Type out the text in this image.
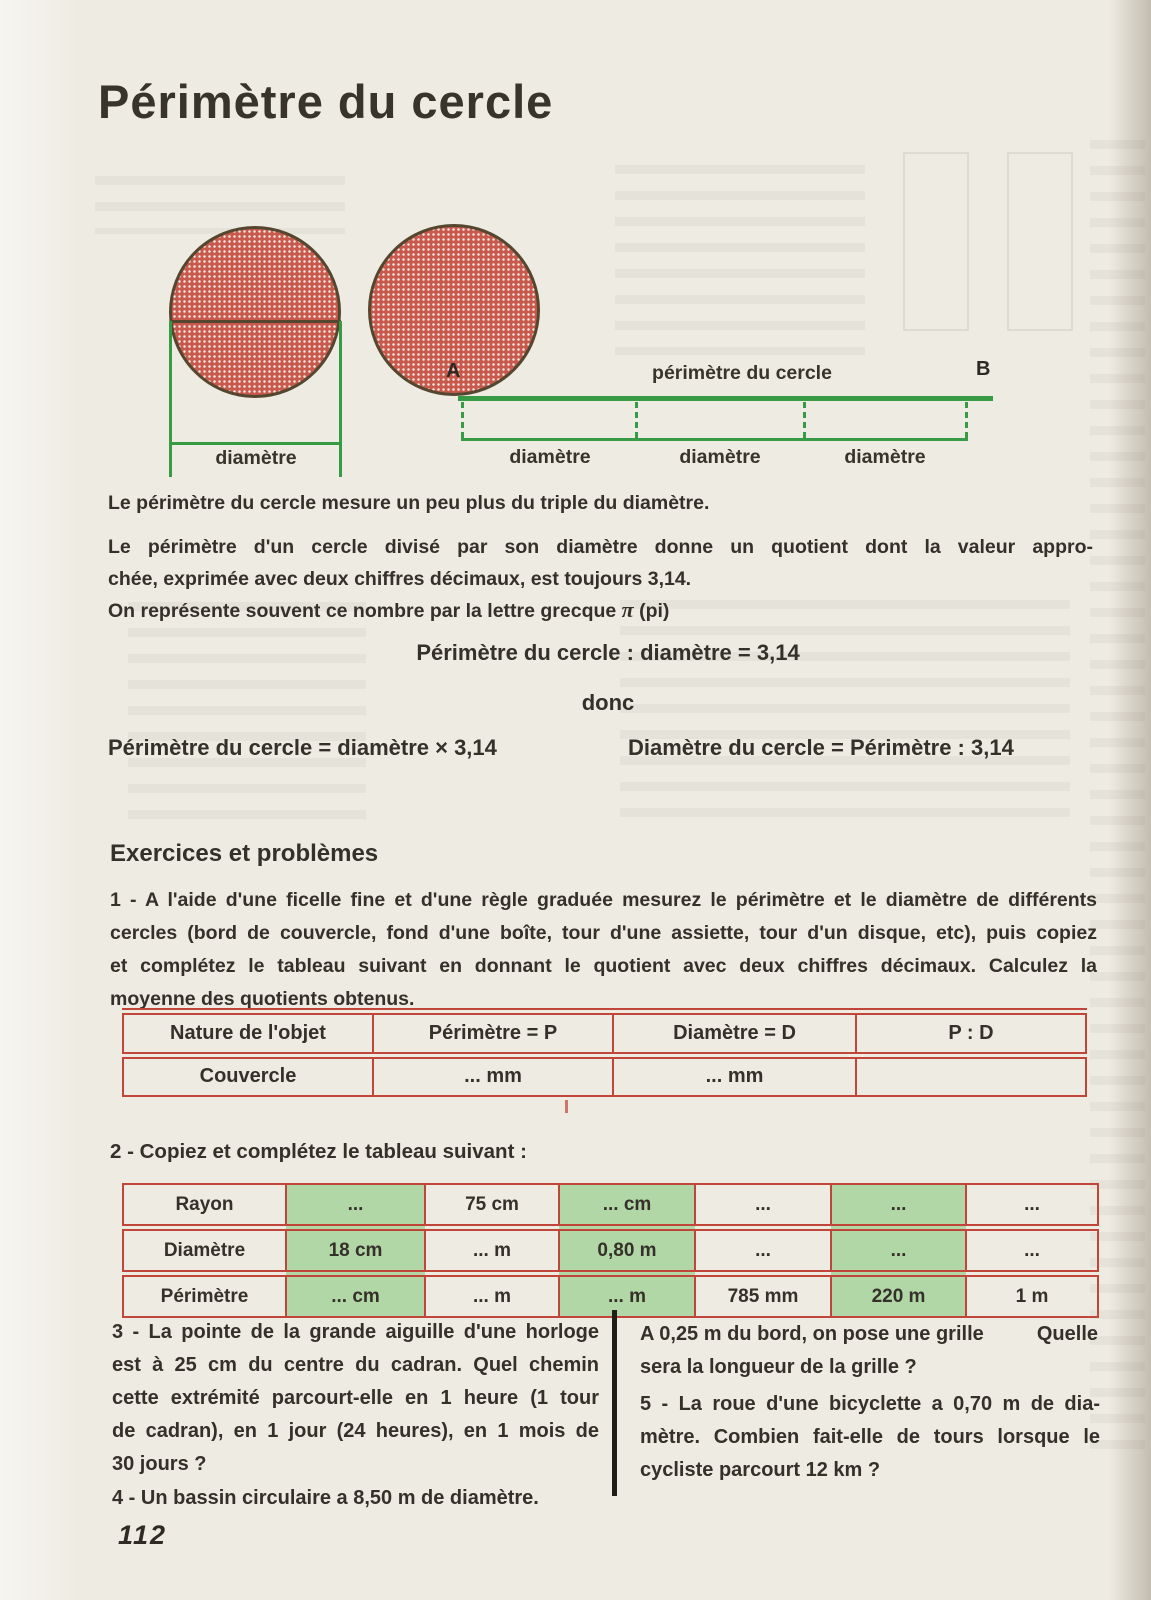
Périmètre du cercle
diamètre
A	B
périmètre du cercle
diamètre	diamètre	diamètre
Le périmètre du cercle mesure un peu plus du triple du diamètre.
Le périmètre d'un cercle divisé par son diamètre donne un quotient dont la valeur appro-
chée, exprimée avec deux chiffres décimaux, est toujours 3,14.
On représente souvent ce nombre par la lettre grecque π (pi)
Périmètre du cercle : diamètre = 3,14
donc
Périmètre du cercle = diamètre × 3,14	Diamètre du cercle = Périmètre : 3,14
Exercices et problèmes
1 - A l'aide d'une ficelle fine et d'une règle graduée mesurez le périmètre et le diamètre de différents
cercles (bord de couvercle, fond d'une boîte, tour d'une assiette, tour d'un disque, etc), puis copiez
et complétez le tableau suivant en donnant le quotient avec deux chiffres décimaux. Calculez la
moyenne des quotients obtenus.
Nature de l'objet	Périmètre = P	Diamètre = D	P : D
Couvercle	... mm	... mm	
2 - Copiez et complétez le tableau suivant :
Rayon	...	75 cm	... cm	...	...	...
Diamètre	18 cm	... m	0,80 m	...	...	...
Périmètre	... cm	... m	... m	785 mm	220 m	1 m
3 - La pointe de la grande aiguille d'une horloge
est à 25 cm du centre du cadran. Quel chemin
cette extrémité parcourt-elle en 1 heure (1 tour
de cadran), en 1 jour (24 heures), en 1 mois de
30 jours ?
4 - Un bassin circulaire a 8,50 m de diamètre.
A 0,25 m du bord, on pose une grille	Quelle
sera la longueur de la grille ?
5 - La roue d'une bicyclette a 0,70 m de dia-
mètre. Combien fait-elle de tours lorsque le
cycliste parcourt 12 km ?
112
